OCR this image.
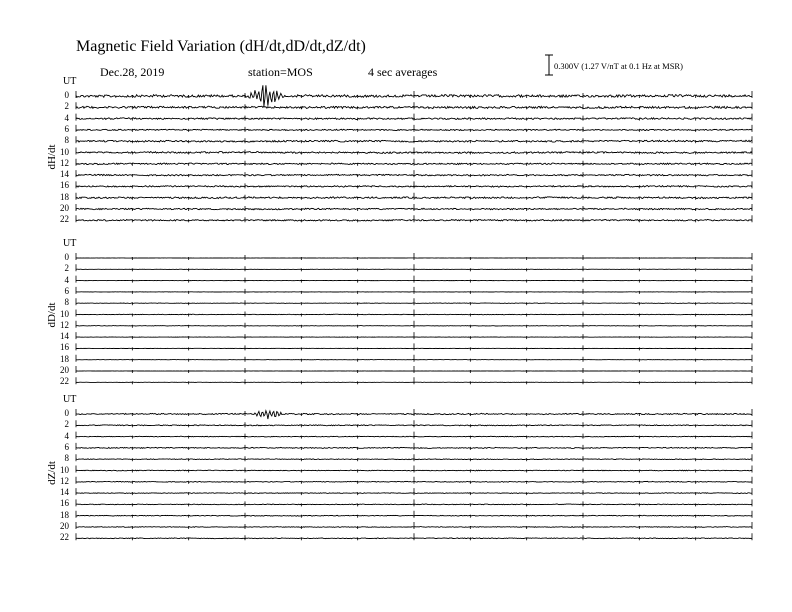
Magnetic Field Variation (dH/dt,dD/dt,dZ/dt)
Dec.28, 2019	station=MOS	4 sec averages	0.300V (1.27 V/nT at 0.1 Hz at MSR)
UT
dH/dt
0
2
4
6
8
10
12
14
16
18
20
22
UT
dD/dt
0
2
4
6
8
10
12
14
16
18
20
22
UT
dZ/dt
0
2
4
6
8
10
12
14
16
18
20
22
